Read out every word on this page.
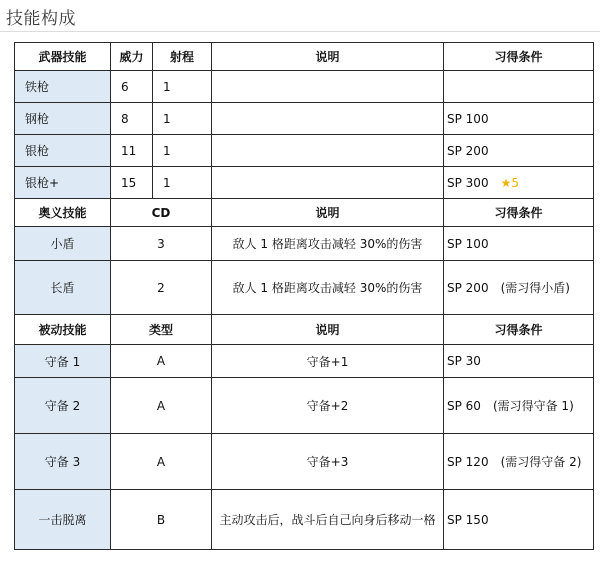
技能构成
武器技能	威力	射程	说明	习得条件
铁枪	6	1		
钢枪	8	1		SP 100
银枪	11	1		SP 200
银枪+	15	1		SP 300 ★5
奥义技能	CD		说明	习得条件
小盾	3		敌人 1 格距离攻击减轻 30%的伤害	SP 100
长盾	2		敌人 1 格距离攻击减轻 30%的伤害	SP 200 (需习得小盾)
被动技能	类型		说明	习得条件
守备 1	A		守备+1	SP 30
守备 2	A		守备+2	SP 60 (需习得守备 1)
守备 3	A		守备+3	SP 120 (需习得守备 2)
一击脱离	B		主动攻击后，战斗后自己向身后移动一格	SP 150
